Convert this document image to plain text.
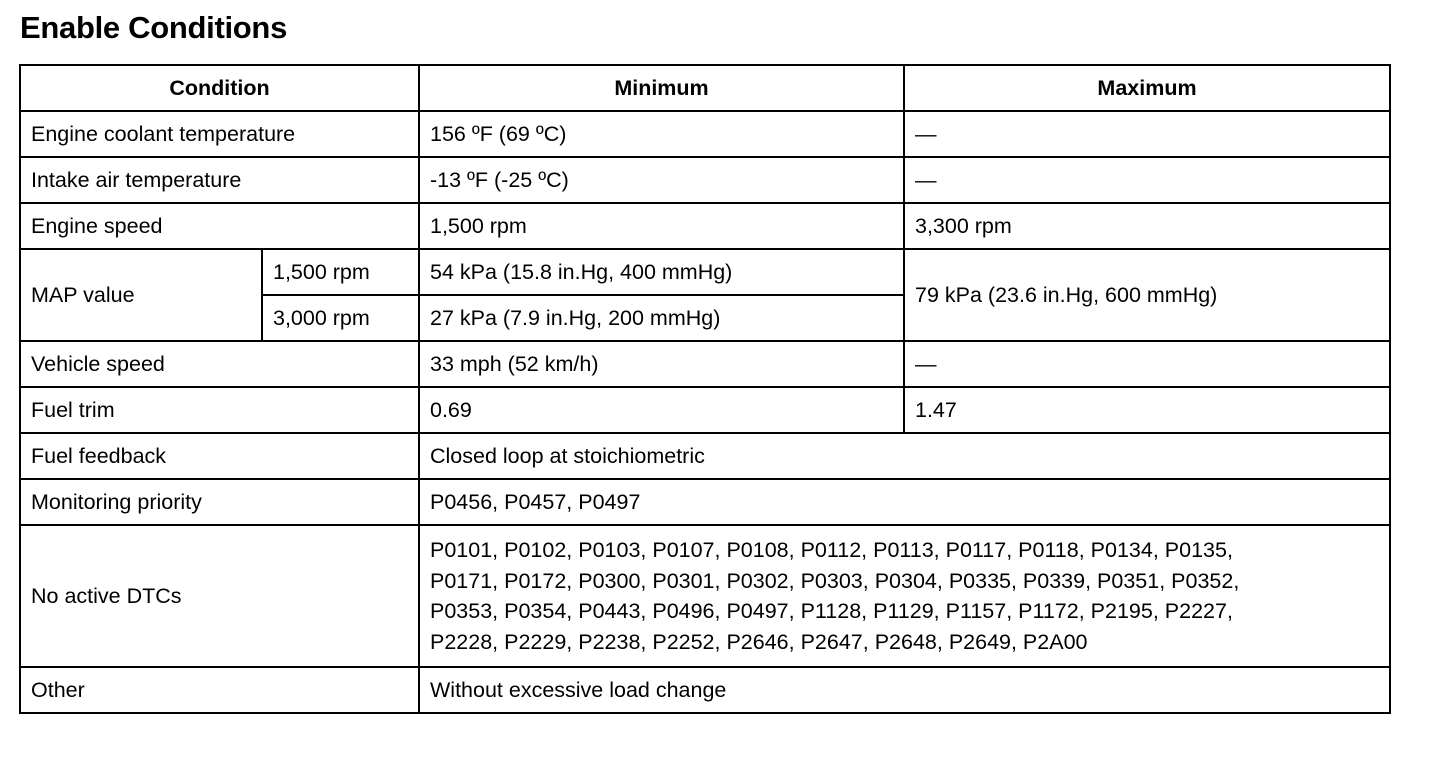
Enable Conditions
Condition		Minimum	Maximum
Engine coolant temperature		156 ºF (69 ºC)	—
Intake air temperature		-13 ºF (-25 ºC)	—
Engine speed		1,500 rpm	3,300 rpm
MAP value	1,500 rpm	54 kPa (15.8 in.Hg, 400 mmHg)	79 kPa (23.6 in.Hg, 600 mmHg)
	3,000 rpm	27 kPa (7.9 in.Hg, 200 mmHg)	
Vehicle speed		33 mph (52 km/h)	—
Fuel trim		0.69	1.47
Fuel feedback		Closed loop at stoichiometric	
Monitoring priority		P0456, P0457, P0497	
No active DTCs		P0101, P0102, P0103, P0107, P0108, P0112, P0113, P0117, P0118, P0134, P0135,
P0171, P0172, P0300, P0301, P0302, P0303, P0304, P0335, P0339, P0351, P0352,
P0353, P0354, P0443, P0496, P0497, P1128, P1129, P1157, P1172, P2195, P2227,
P2228, P2229, P2238, P2252, P2646, P2647, P2648, P2649, P2A00	

Other		Without excessive load change	
